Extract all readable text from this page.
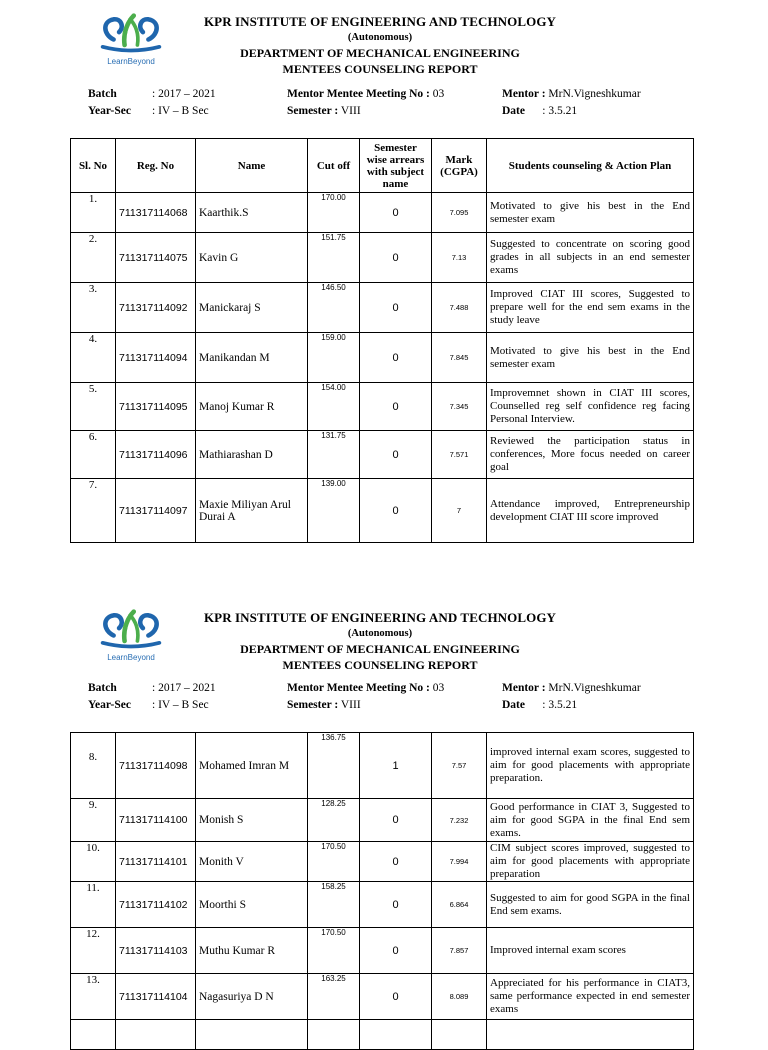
LearnBeyond
KPR INSTITUTE OF ENGINEERING AND TECHNOLOGY
(Autonomous)
DEPARTMENT OF MECHANICAL ENGINEERING
MENTEES COUNSELING REPORT
Batch	: 2017 – 2021
Year-Sec : IV – B Sec
Mentor Mentee Meeting No : 03
Semester : VIII
Mentor : MrN.Vigneshkumar
Date : 3.5.21
Sl. No	Reg. No	Name	Cut off	Semester wise arrears with subject name	Mark (CGPA)	Students counseling & Action Plan
1.	711317114068	Kaarthik.S	170.00	0	7.095	Motivated to give his best in the End semester exam
2.	711317114075	Kavin G	151.75	0	7.13	Suggested to concentrate on scoring good grades in all subjects in an end semester exams
3.	711317114092	Manickaraj S	146.50	0	7.488	Improved CIAT III scores, Suggested to prepare well for the end sem exams in the study leave
4.	711317114094	Manikandan M	159.00	0	7.845	Motivated to give his best in the End semester exam
5.	711317114095	Manoj Kumar R	154.00	0	7.345	Improvemnet shown in CIAT III scores, Counselled reg self confidence reg facing Personal Interview.
6.	711317114096	Mathiarashan D	131.75	0	7.571	Reviewed the participation status in conferences, More focus needed on career goal
7.	711317114097	Maxie Miliyan Arul Durai A	139.00	0	7	Attendance improved, Entrepreneurship development CIAT III score improved
LearnBeyond
KPR INSTITUTE OF ENGINEERING AND TECHNOLOGY
(Autonomous)
DEPARTMENT OF MECHANICAL ENGINEERING
MENTEES COUNSELING REPORT
Batch	: 2017 – 2021
Year-Sec : IV – B Sec
Mentor Mentee Meeting No : 03
Semester : VIII
Mentor : MrN.Vigneshkumar
Date : 3.5.21
8.	711317114098	Mohamed Imran M	136.75	1	7.57	improved internal exam scores, suggested to aim for good placements with appropriate preparation.
9.	711317114100	Monish S	128.25	0	7.232	Good performance in CIAT 3, Suggested to aim for good SGPA in the final End sem exams.
10.	711317114101	Monith V	170.50	0	7.994	CIM subject scores improved, suggested to aim for good placements with appropriate preparation
11.	711317114102	Moorthi S	158.25	0	6.864	Suggested to aim for good SGPA in the final End sem exams.
12.	711317114103	Muthu Kumar R	170.50	0	7.857	Improved internal exam scores
13.	711317114104	Nagasuriya D N	163.25	0	8.089	Appreciated for his performance in CIAT3, same performance expected in end semester exams
